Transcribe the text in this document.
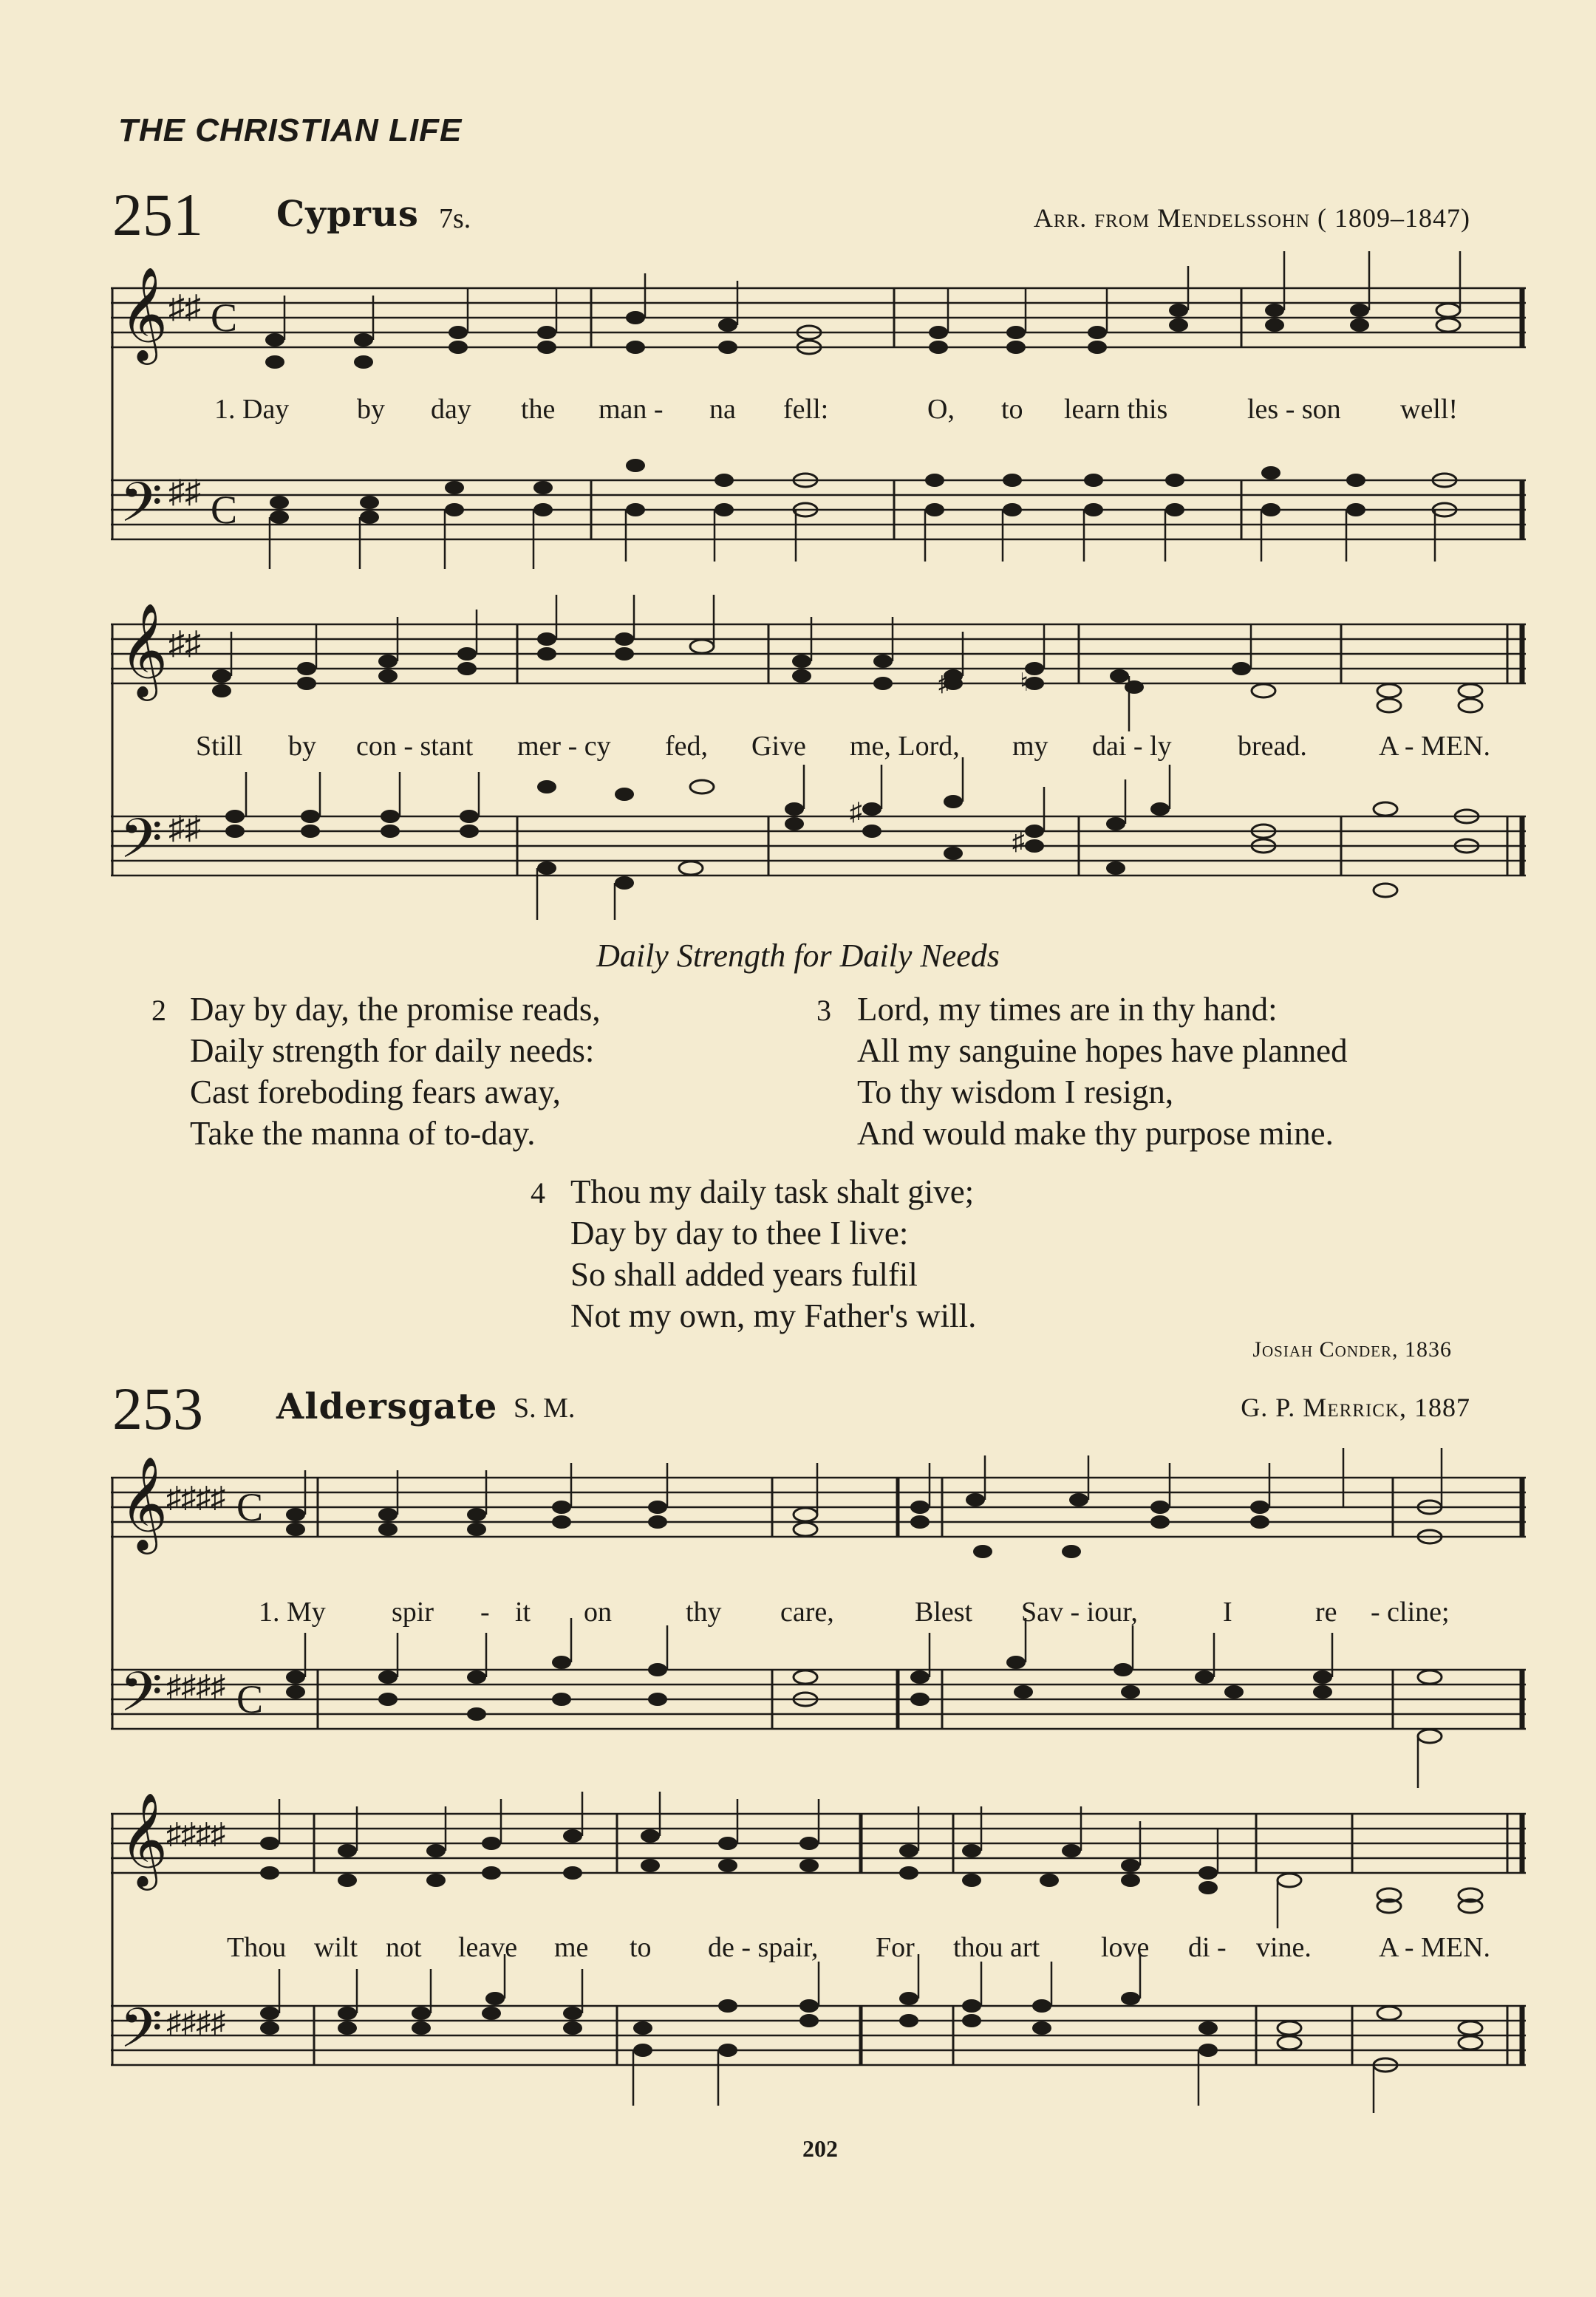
THE CHRISTIAN LIFE
251 Cyprus 7s.	Arr. from Mendelssohn ( 1809–1847)
𝄞
𝄢
♯♯
♯♯
C
C
𝄞
𝄢
♯♯
♯♯
♯	♮
♯
♯
𝄞
𝄢
♯♯♯♯
♯♯♯♯
C
C
𝄞
𝄢
♯♯♯♯
♯♯♯♯
1. Day by day the man - na fell:	O, to learn this	les - son well!
Still by con - stant mer - cy fed, Give me, Lord, my dai - ly bread.	A - MEN.
Daily Strength for Daily Needs
2 Day by day, the promise reads,
Daily strength for daily needs:
Cast foreboding fears away,
Take the manna of to-day.
3 Lord, my times are in thy hand:
All my sanguine hopes have planned
To thy wisdom I resign,
And would make thy purpose mine.
4 Thou my daily task shalt give;
Day by day to thee I live:
So shall added years fulfil
Not my own, my Father's will.
Josiah Conder, 1836
253 Aldersgate S. M.	G. P. Merrick, 1887
1. My spir - it on	thy care,	Blest Sav - iour,	I	re - cline;
Thou wilt not leave me to de - spair, For thou art love di - vine. A - MEN.
202
